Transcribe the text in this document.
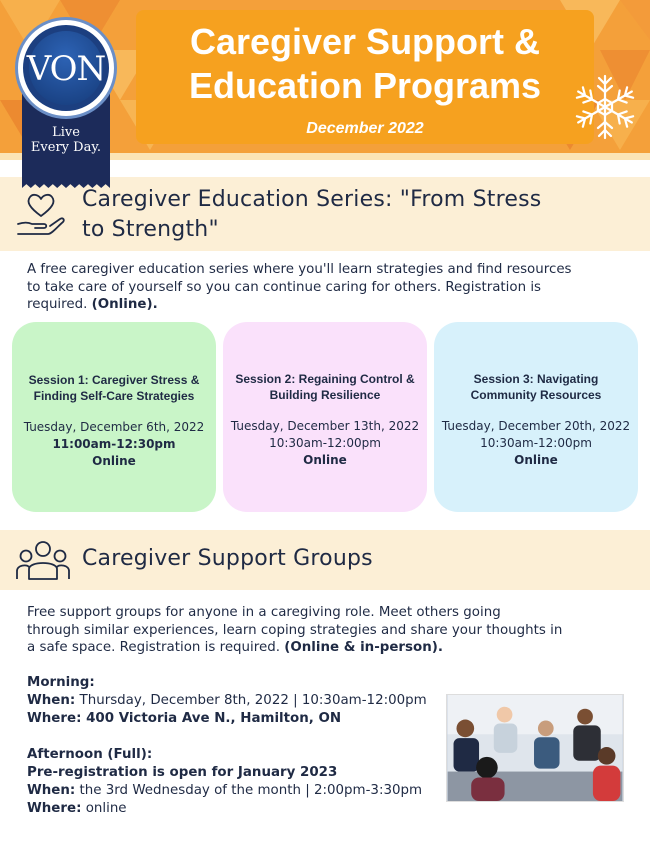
VON
Live
Every Day.
Caregiver Support &
Education Programs
December 2022
Caregiver Education Series: "From Stress
to Strength"
A free caregiver education series where you'll learn strategies and find resources
to take care of yourself so you can continue caring for others. Registration is
required. (Online).
Session 1: Caregiver Stress &
Finding Self-Care Strategies
Tuesday, December 6th, 2022
11:00am-12:30pm
Online
Session 2: Regaining Control &
Building Resilience
Tuesday, December 13th, 2022
10:30am-12:00pm
Online
Session 3: Navigating
Community Resources
Tuesday, December 20th, 2022
10:30am-12:00pm
Online
Caregiver Support Groups
Free support groups for anyone in a caregiving role. Meet others going
through similar experiences, learn coping strategies and share your thoughts in
a safe space. Registration is required. (Online & in-person).
Morning:
When: Thursday, December 8th, 2022 | 10:30am-12:00pm
Where: 400 Victoria Ave N., Hamilton, ON
Afternoon (Full):
Pre-registration is open for January 2023
When: the 3rd Wednesday of the month | 2:00pm-3:30pm
Where: online
